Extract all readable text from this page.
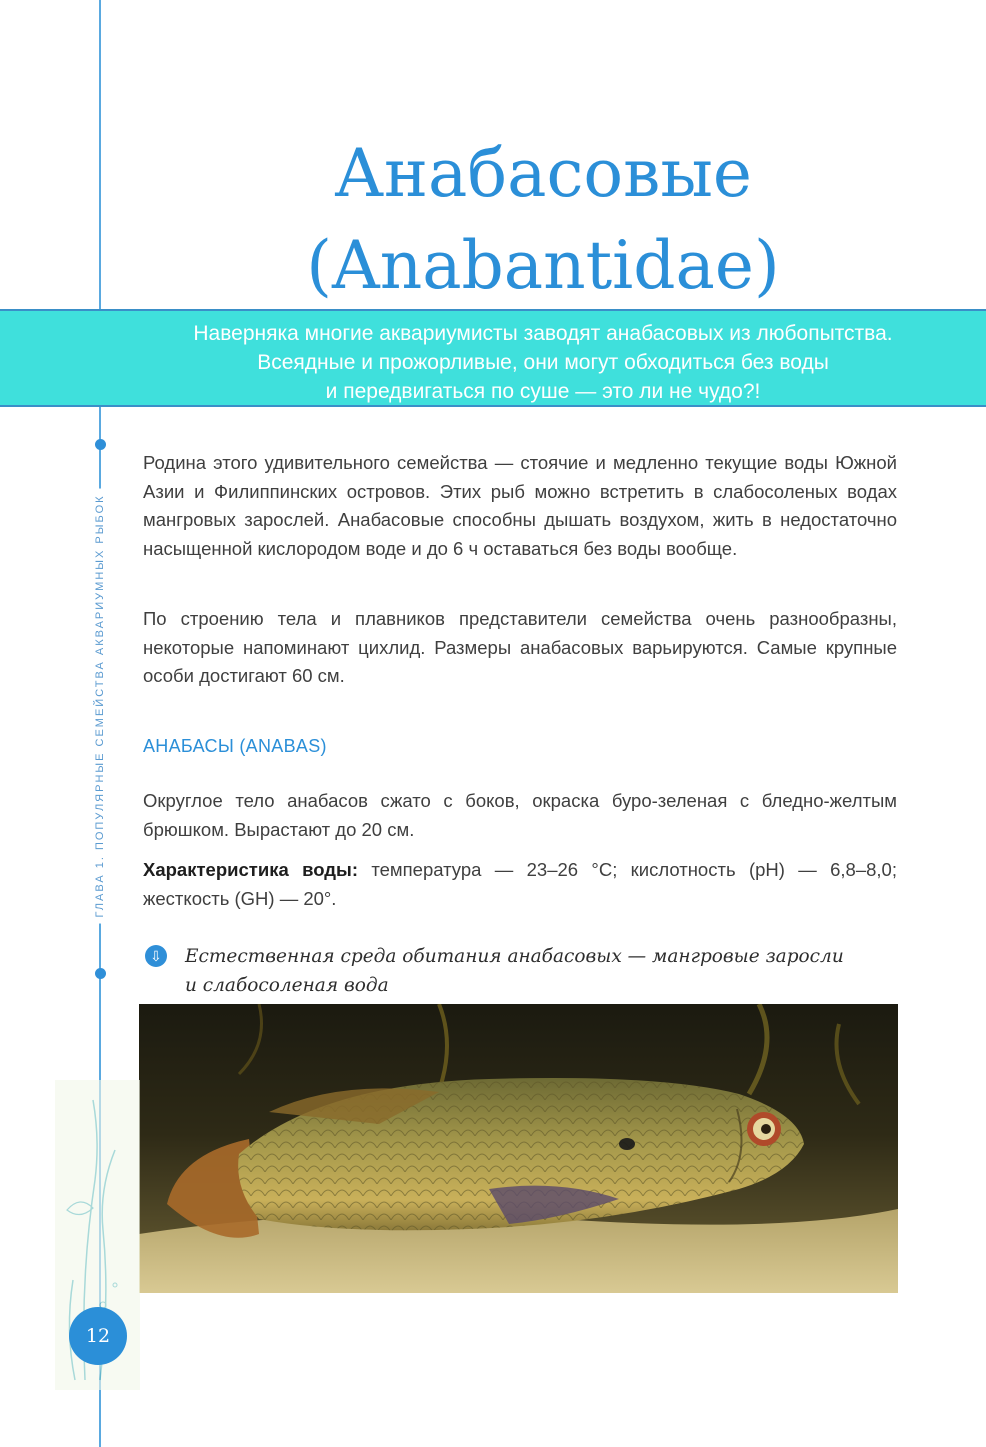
ГЛАВА 1. ПОПУЛЯРНЫЕ СЕМЕЙСТВА АКВАРИУМНЫХ РЫБОК
Анабасовые
(Anabantidae)
Наверняка многие аквариумисты заводят анабасовых из любопытства.
Всеядные и прожорливые, они могут обходиться без воды
и передвигаться по суше — это ли не чудо?!

Родина этого удивительного семейства — стоячие и медленно текущие воды Южной Азии и Филиппинских островов. Этих рыб можно встретить в слабосоленых водах мангровых зарослей. Анабасовые способны дышать воздухом, жить в недостаточно насыщенной кислородом воде и до 6 ч оставаться без воды вообще.

По строению тела и плавников представители семейства очень разнообразны, некоторые напоминают цихлид. Размеры анабасовых варьируются. Самые крупные особи достигают 60 см.

АНАБАСЫ (ANABAS)

Округлое тело анабасов сжато с боков, окраска буро-зеленая с бледно-желтым брюшком. Вырастают до 20 см.

Характеристика воды: температура — 23–26 °С; кислотность (pH) — 6,8–8,0; жесткость (GH) — 20°.

⇩ Естественная среда обитания анабасовых — мангровые заросли
и слабосоленая вода
12
